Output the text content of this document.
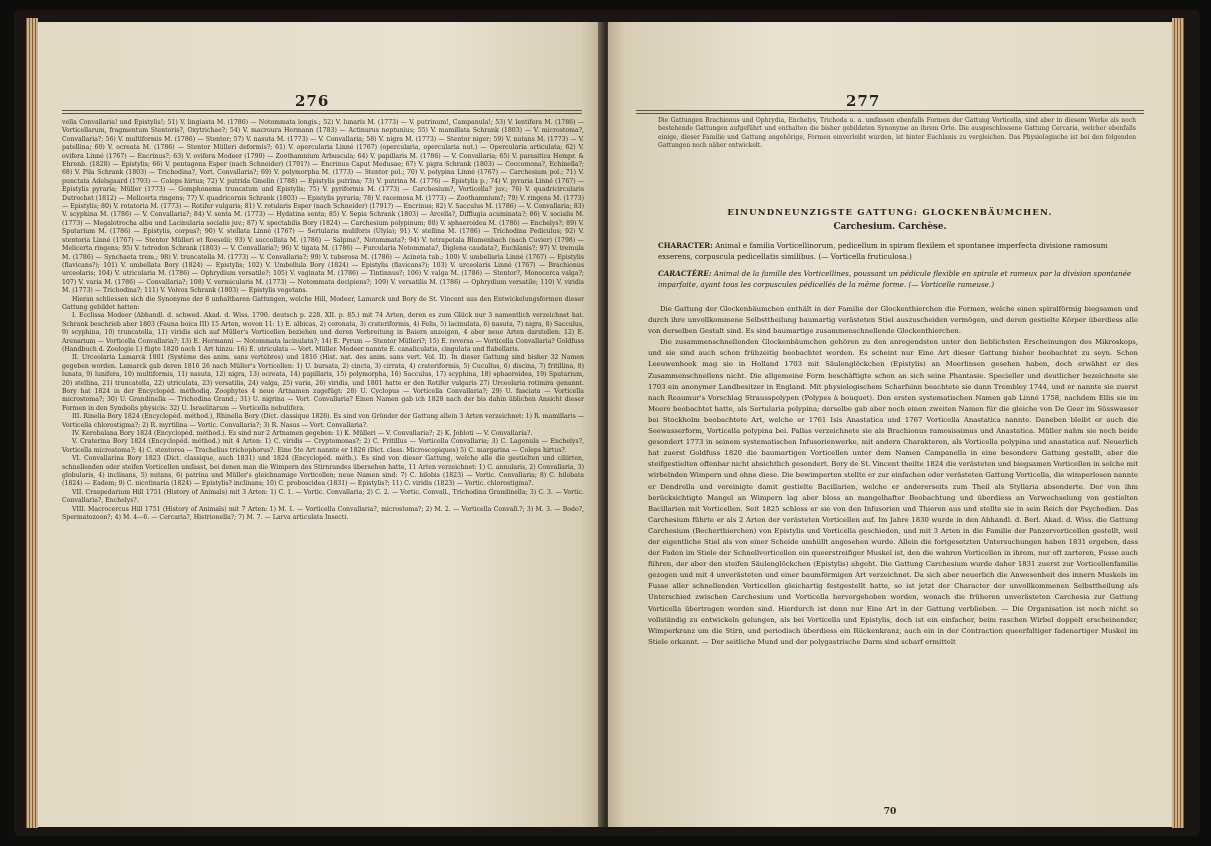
276

vella Convallaria! und Epistylis!; 51) V. lingiasta M. (1786) — Notommata longis.; 52) V. lunaris M. (1773) — V. putrinum!, Campanula!; 53) V. lentifera M. (1786) — Vorticellarum, fragmentum Stentoris?, Oxytrichae?; 54) V. macroura Hermann (1783) — Actinurus neptunius; 55) V. mamillata Schrank (1803) — V. microstoma?, Convallaria?; 56) V. multiformis M. (1786) — Stentor; 57) V. nasuta M. (1773) — V. Convallaria; 58) V. nigra M. (1773) — Stentor niger; 59) V. nutans M. (1773) — V. patellina; 60) V. ocreata M. (1786) — Stentor Mülleri deformis?; 61) V. opercularia Linné (1767) (opercularia, opercularia nut.) — Opercularia articulata; 62) V. ovifera Linné (1767) — Encrinus?; 63) V. ovifera Modeer (1790) — Zoothamnium Arbuscula; 64) V. papillaris M. (1786) — V. Convallaria; 65) V. parasitica Hempr. & Ehrenb. (1828) — Epistylis; 66) V. pentagona Esper (nach Schneider) (1791?) — Encrinus Caput Medusae; 67) V. pigra Schrank (1803) — Coccomona?, Echinella?; 68) V. Pila Schrank (1803) — Trichodina?, Vort. Convallaria?; 69) V. polymorpha M. (1773) — Stentor pol.; 70) V. polypina Linné (1767) — Carchesium pol.; 71) V. punctata Adelsgaard (1793) — Coleps hirtus; 72) V. putrida Gmelin (1788) — Epistylis putrina; 73) V. putrina M. (1776) — Epistylis p.; 74) V. pyraria Linné (1767) — Epistylis pyraria; Müller (1773) — Gomphonema truncatum und Epistylis; 75) V. pyriformis M. (1773) — Carchesium?, Vorticella? juv.; 76) V. quadricircularis Dutrochet (1812) — Melicerta ringens; 77) V. quadricornis Schrank (1803) — Epistylis pyraria; 78) V. racemosa M. (1773) — Zoothamnium?; 79) V. ringens M. (1773) — Epistylis; 80) V. rotatoria M. (1773) — Rotifer vulgaris; 81) V. rotularis Esper (nach Schneider) (1791?) — Encrinus; 82) V. Sacculus M. (1786) — V. Convallaria; 83) V. scyphina M. (1786) — V. Convallaria?; 84) V. senta M. (1773) — Hydatina senta; 85) V. Sepia Schrank (1803) — Arcella?, Difflugia acuminata?; 86) V. socialis M. (1773) — Megalotrocha alba und Lacinularia socialis juv.; 87) V. spectabilis Bory (1824) — Carchesium polypinum; 88) V. sphaeroidea M. (1786) — Enchelys?; 89) V. Sputarium M. (1786) — Epistylis, corpus?; 90) V. stellata Linné (1767) — Sertularia muliforis (Ulyia); 91) V. stellina M. (1786) — Trichodina Pediculus; 92) V. stentoria Linné (1767) — Stentor Mülleri et Roeselii; 93) V. succollata M. (1786) — Salpina?, Notommata?; 94) V. tetrapetala Blumenbach (nach Cuvier) (1798) — Melicerta ringens; 95) V. tetrodon Schrank (1803) — V. Convallaria?; 96) V. tigata M. (1786) — Furcularia Notommata?, Diglena caudata?, Euchlanis?; 97) V. tremula M. (1786) — Synchaeta trem.; 98) V. truncatella M. (1773) — V. Convallaria?; 99) V. tuberosa M. (1786) — Acineta tub.; 100) V. umbellaria Linné (1767) — Epistylis (flavicans?); 101) V. umbellata Bory (1824) — Epistylis; 102) V. Umbellula Bory (1824) — Epistylis (flavicans?); 103) V. urceolaris Linné (1767) — Brachionus urceolaris; 104) V. utricularia M. (1786) — Ophrydium versatile?; 105) V. vaginata M. (1786) — Tintinnus?; 106) V. valga M. (1786) — Stentor?, Monocerca valga?; 107) V. varia M. (1786) — Convallaria?; 108) V. vermicularis M. (1773) — Notommata decipiens?; 109) V. versatilis M. (1786) — Ophrydium versatile; 110) V. viridis M. (1773) — Trichodina?; 111) V. Volvox Schrank (1803) — Epistylis vegetans.

Hieran schliessen sich die Synonyme der 8 unhaltbaren Gattungen, welche Hill, Modeer, Lamarck und Bory de St. Vincent aus den Entwickelungsformen dieser Gattung gebildet hatten:

I. Ecclissa Modeer (Abhandl. d. schwed. Akad. d. Wiss. 1790. deutsch p. 228. XII. p. 85.) mit 74 Arten, deren es zum Glück nur 3 namentlich verzeichnet hat. Schrank beschrieb aber 1803 (Fauna boica III) 15 Arten, wovon 11: 1) E. albicas, 2) coronata, 3) crateriformis, 4) Felis, 5) lacinulata, 6) nasuta, 7) nigra, 8) Sacculus, 9) scyphina, 10) truncatella, 11) viridis sich auf Müller's Vorticellen beziehen und deren Verbreitung in Baiern anzeigen, 4 aber neue Arten darstellen: 12) E. Arenarium — Vorticella Convallaria?; 13) E. Hermanni — Notommata lacinulata?; 14) E. Pyrum — Stentor Mülleri?; 15) E. reversa — Vorticella Convallaria? Goldfuss (Handbuch d. Zoologie I.) fügte 1820 noch 1 Art hinzu: 16) E. utriculata — Vort. Müller. Modeer nannte E. canaliculatis, cingulata und flabellaris.

II. Urceolaria Lamarck 1801 (Système des anim. sans vertèbres) und 1816 (Hist. nat. des anim. sans vert. Vol. II). In dieser Gattung sind bisher 32 Namen gegeben worden. Lamarck gab deren 1816 26 nach Müller's Vorticellen: 1) U. bursata, 2) cincta, 3) cirrata, 4) crateriformis, 5) Cucullus, 6) discina, 7) fritillina, 8) lunata, 9) lunifera, 10) multiformis, 11) nasuta, 12) nigra, 13) ocreata, 14) papillaris, 15) polymorpha, 16) Sacculus, 17) scyphina, 18) sphaeroidea, 19) Sputarium, 20) stellina, 21) truncatella, 22) utriculata, 23) versatilis, 24) valga, 25) varia, 26) viridis, und 1801 hatte er den Rotifer vulgaris 27) Urceolaria rotimira genannt. Bory hat 1824 in der Encyclopéd. méthodiq. Zoophytes 4 neue Artnamen zugefügt: 28) U. Cyclopus — Vorticella Convallaria?; 29) U. fasciata — Vorticella microstoma?; 30) U. Grandinella — Trichodina Grand.; 31) U. nigrina — Vort. Convallaria? Einen Namen gab ich 1828 nach der bis dahin üblichen Ansicht dieser Formen in den Symbolis physicis: 32) U. Israelitarum — Vorticella nebulifera.

III. Rinella Bory 1824 (Encyclopéd. méthod.), Rhinella Bory (Dict. classique 1826). Es sind von Gründer der Gattung allein 3 Arten verzeichnet: 1) R. mamillaris — Vorticella chlorostigma?; 2) R. myrtilina — Vortic. Convallaria?; 3) R. Nasus — Vort. Convallaria?.

IV. Kerobalana Bory 1824 (Encyclopéd. méthod.). Es sind nur 2 Artnamen gegeben: 1) K. Mülleri — V. Convallaria?; 2) K. Jobloti — V. Convallaria?.

V. Craterina Bory 1824 (Encyclopéd. méthod.) mit 4 Arten: 1) C. viridis — Cryptomonas?; 2) C. Fritillus — Vorticella Convallaria; 3) C. Lagenula — Enchelys?, Vorticella microstoma?; 4) C. stentorea — Trachelius trichophorus?. Eine 5te Art nannte er 1826 (Dict. class. Microscopiques) 5) C. margarina — Coleps hirtus?.

VI. Convallarina Bory 1823 (Dict. classique, auch 1831) und 1824 (Encyclopéd. méth.). Es sind von dieser Gattung, welche alle die gestielten und ciliirten, schnellenden oder steifen Vorticellen umfasst, bei denen man die Wimpern des Stirnrandes übersehen hatte, 11 Arten verzeichnet: 1) C. annularis, 2) Convallaria, 3) globularis, 4) inclinans, 5) nutans, 6) patrina und Müller's gleichnamige Vorticellen; neue Namen sind: 7) C. bilobis (1823) — Vortic. Convallaria; 8) C. bilobata (1824) — Eadem; 9) C. nicotinaria (1824) — Epistylis? inclinans; 10) C. proboscidea (1831) — Epistylis?; 11) C. viridis (1823) — Vortic. chlorostigma?.

VII. Craspedarium Hill 1751 (History of Animals) mit 3 Arten: 1) C. 1. — Vortic. Convallaria; 2) C. 2. — Vortic. Convall., Trichodina Grandinella; 3) C. 3. — Vortic. Convallaria?, Enchelys?.

VIII. Macrocercus Hill 1751 (History of Animals) mit 7 Arten: 1) M. 1. — Vorticella Convallaria?, microstoma?; 2) M. 2. — Vorticella Convall.?; 3) M. 3. — Bodo?, Spermatozoon?; 4) M. 4—6. — Cercaria?, Histrionella?; 7) M. 7. — Larva articulata Insecti.

277
Die Gattungen Brachionus und Ophrydia, Enchelys, Trichoda u. a. umfassen ebenfalls Formen der Gattung Vorticella, sind aber in diesem Werke als noch bestehende Gattungen aufgeführt und enthalten die bisher gebildeten Synonyme an ihrem Orte. Die ausgeschlossene Gattung Cercaria, welcher ebenfalls einige, dieser Familie und Gattung angehörige, Formen einverleibt wurden, ist hinter Euchlanis zu vergleichen. Das Physiologische ist bei den folgenden Gattungen noch näher entwickelt.
EINUNDNEUNZIGSTE GATTUNG: GLOCKENBÄUMCHEN.
Carchesium. Carchèse.
CHARACTER: Animal e familia Vorticellinorum, pedicellum in spiram flexilem et spontanee imperfecta divisione ramosum exserens, corpuscula pedicellatis similibus. (— Vorticella fruticulosa.)
CARACTÈRE: Animal de la famille des Vorticellines, poussant un pédicule flexible en spirale et rameux par la division spontanée imparfaite, ayant tous les corpuscules pédicellés de la même forme. (— Vorticelle rameuse.)

Die Gattung der Glockenbäumchen enthält in der Familie der Glockenthierchen die Formen, welche einen spiralförmig biegsamen und durch ihre unvollkommene Selbsttheilung baumartig verästeten Stiel auszuscheiden vermögen, und deren gestielte Körper überdiess alle von derselben Gestalt sind. Es sind baumartige zusammenschnellende Glockenthierchen.

Die zusammenschnellenden Glockenbäumchen gehören zu den anregendsten unter den lieblichsten Erscheinungen des Mikroskops, und sie sind auch schon frühzeitig beobachtet worden. Es scheint nur Eine Art dieser Gattung bisher beobachtet zu seyn. Schon Leeuwenhoek mag sie in Holland 1703 mit Säulenglöckchen (Epistylis) an Meerlinsen gesehen haben, doch erwähnt er des Zusammenschnellens nicht. Die allgemeine Form beschäftigte schon an sich seine Phantasie. Specieller und deutlicher bezeichnete sie 1703 ein anonymer Landbesitzer in England. Mit physiologischem Scharfsinn beachtete sie dann Trembley 1744, und er nannte sie zuerst nach Reaumur's Vorschlag Strausspolypen (Polypes à bouquet). Den ersten systematischen Namen gab Linné 1758, nachdem Ellis sie im Meere beobachtet hatte, als Sertularia polypina; derselbe gab aber noch einen zweiten Namen für die gleiche von De Geer im Süsswasser bei Stockholm beobachtete Art, welche er 1761 Isis Anastatica und 1767 Vorticella Anastatica nannte. Daneben bleibt er auch die Seewasserform, Vorticella polypina bei. Pallas verzeichnete sie als Brachionus ramosissimus und Anastatica. Müller nahm sie noch beide gesondert 1773 in seinem systematischen Infusorienwerke, mit andern Charakteren, als Vorticella polypina und anastatica auf. Neuerlich hat zuerst Goldfuss 1820 die baumartigen Vorticellen unter dem Namen Campanella in eine besondere Gattung gestellt, aber die steifgestielten offenbar nicht absichtlich gesondert. Bory de St. Vincent theilte 1824 die verästeten und biegsamen Vorticellen in solche mit wirbelnden Wimpern und ohne diese. Die bewimperten stellte er zur einfachen oder verästeten Gattung Vorticella, die wimperlosen nannte er Dendrella und vereinigte damit gestielte Bacillarien, welche er andererseits zum Theil als Styllaria absonderte. Der von ihm berücksichtigte Mangel an Wimpern lag aber bloss an mangelhafter Beobachtung und überdiess an Verwechselung von gestielten Bacillarien mit Vorticellen. Seit 1825 schloss er sie von den Infusorien und Thieren aus und stellte sie in sein Reich der Psychodien. Das Carchesium führte er als 2 Arten der verästeten Vorticellen auf. Im Jahre 1830 wurde in den Abhandl. d. Berl. Akad. d. Wiss. die Gattung Carchesium (Becherthierchen) von Epistylis und Vorticella geschieden, und mit 3 Arten in die Familie der Panzervorticellen gestellt, weil der eigentliche Stiel als von einer Scheide umhüllt angesehen wurde. Allein die fortgesetzten Untersuchungen haben 1831 ergeben, dass der Faden im Stiele der Schnellvorticellen ein queerstreifiger Muskel ist, den die wahren Vorticellen in ihrem, nur oft zarteren, Fusse auch führen, der aber den steifen Säulenglöckchen (Epistylis) abgeht. Die Gattung Carchesium wurde daher 1831 zuerst zur Vorticellenfamilie gezogen und mit 4 unverästeten und einer baumförmigen Art verzeichnet. Da sich aber neuerlich die Anwesenheit des innern Muskels im Fusse aller schnellenden Vorticellen gleichartig festgestellt hatte, so ist jetzt der Character der unvollkommenen Selbsttheilung als Unterschied zwischen Carchesium und Vorticella hervorgehoben worden, wonach die früheren unverästeten Carchesia zur Gattung Vorticella übertragen worden sind. Hierdurch ist denn nur Eine Art in der Gattung verblieben. — Die Organisation ist noch nicht so vollständig zu entwickeln gelungen, als bei Vorticella und Epistylis, doch ist ein einfacher, beim raschen Wirbel doppelt erscheinender, Wimperkranz um die Stirn, und periodisch überdiess ein Rückenkranz, auch ein in der Contraction queerfaltiger fadenartiger Muskel im Stiele erkannt. — Der seitliche Mund und der polygastrische Darm sind scharf ermittelt

70
